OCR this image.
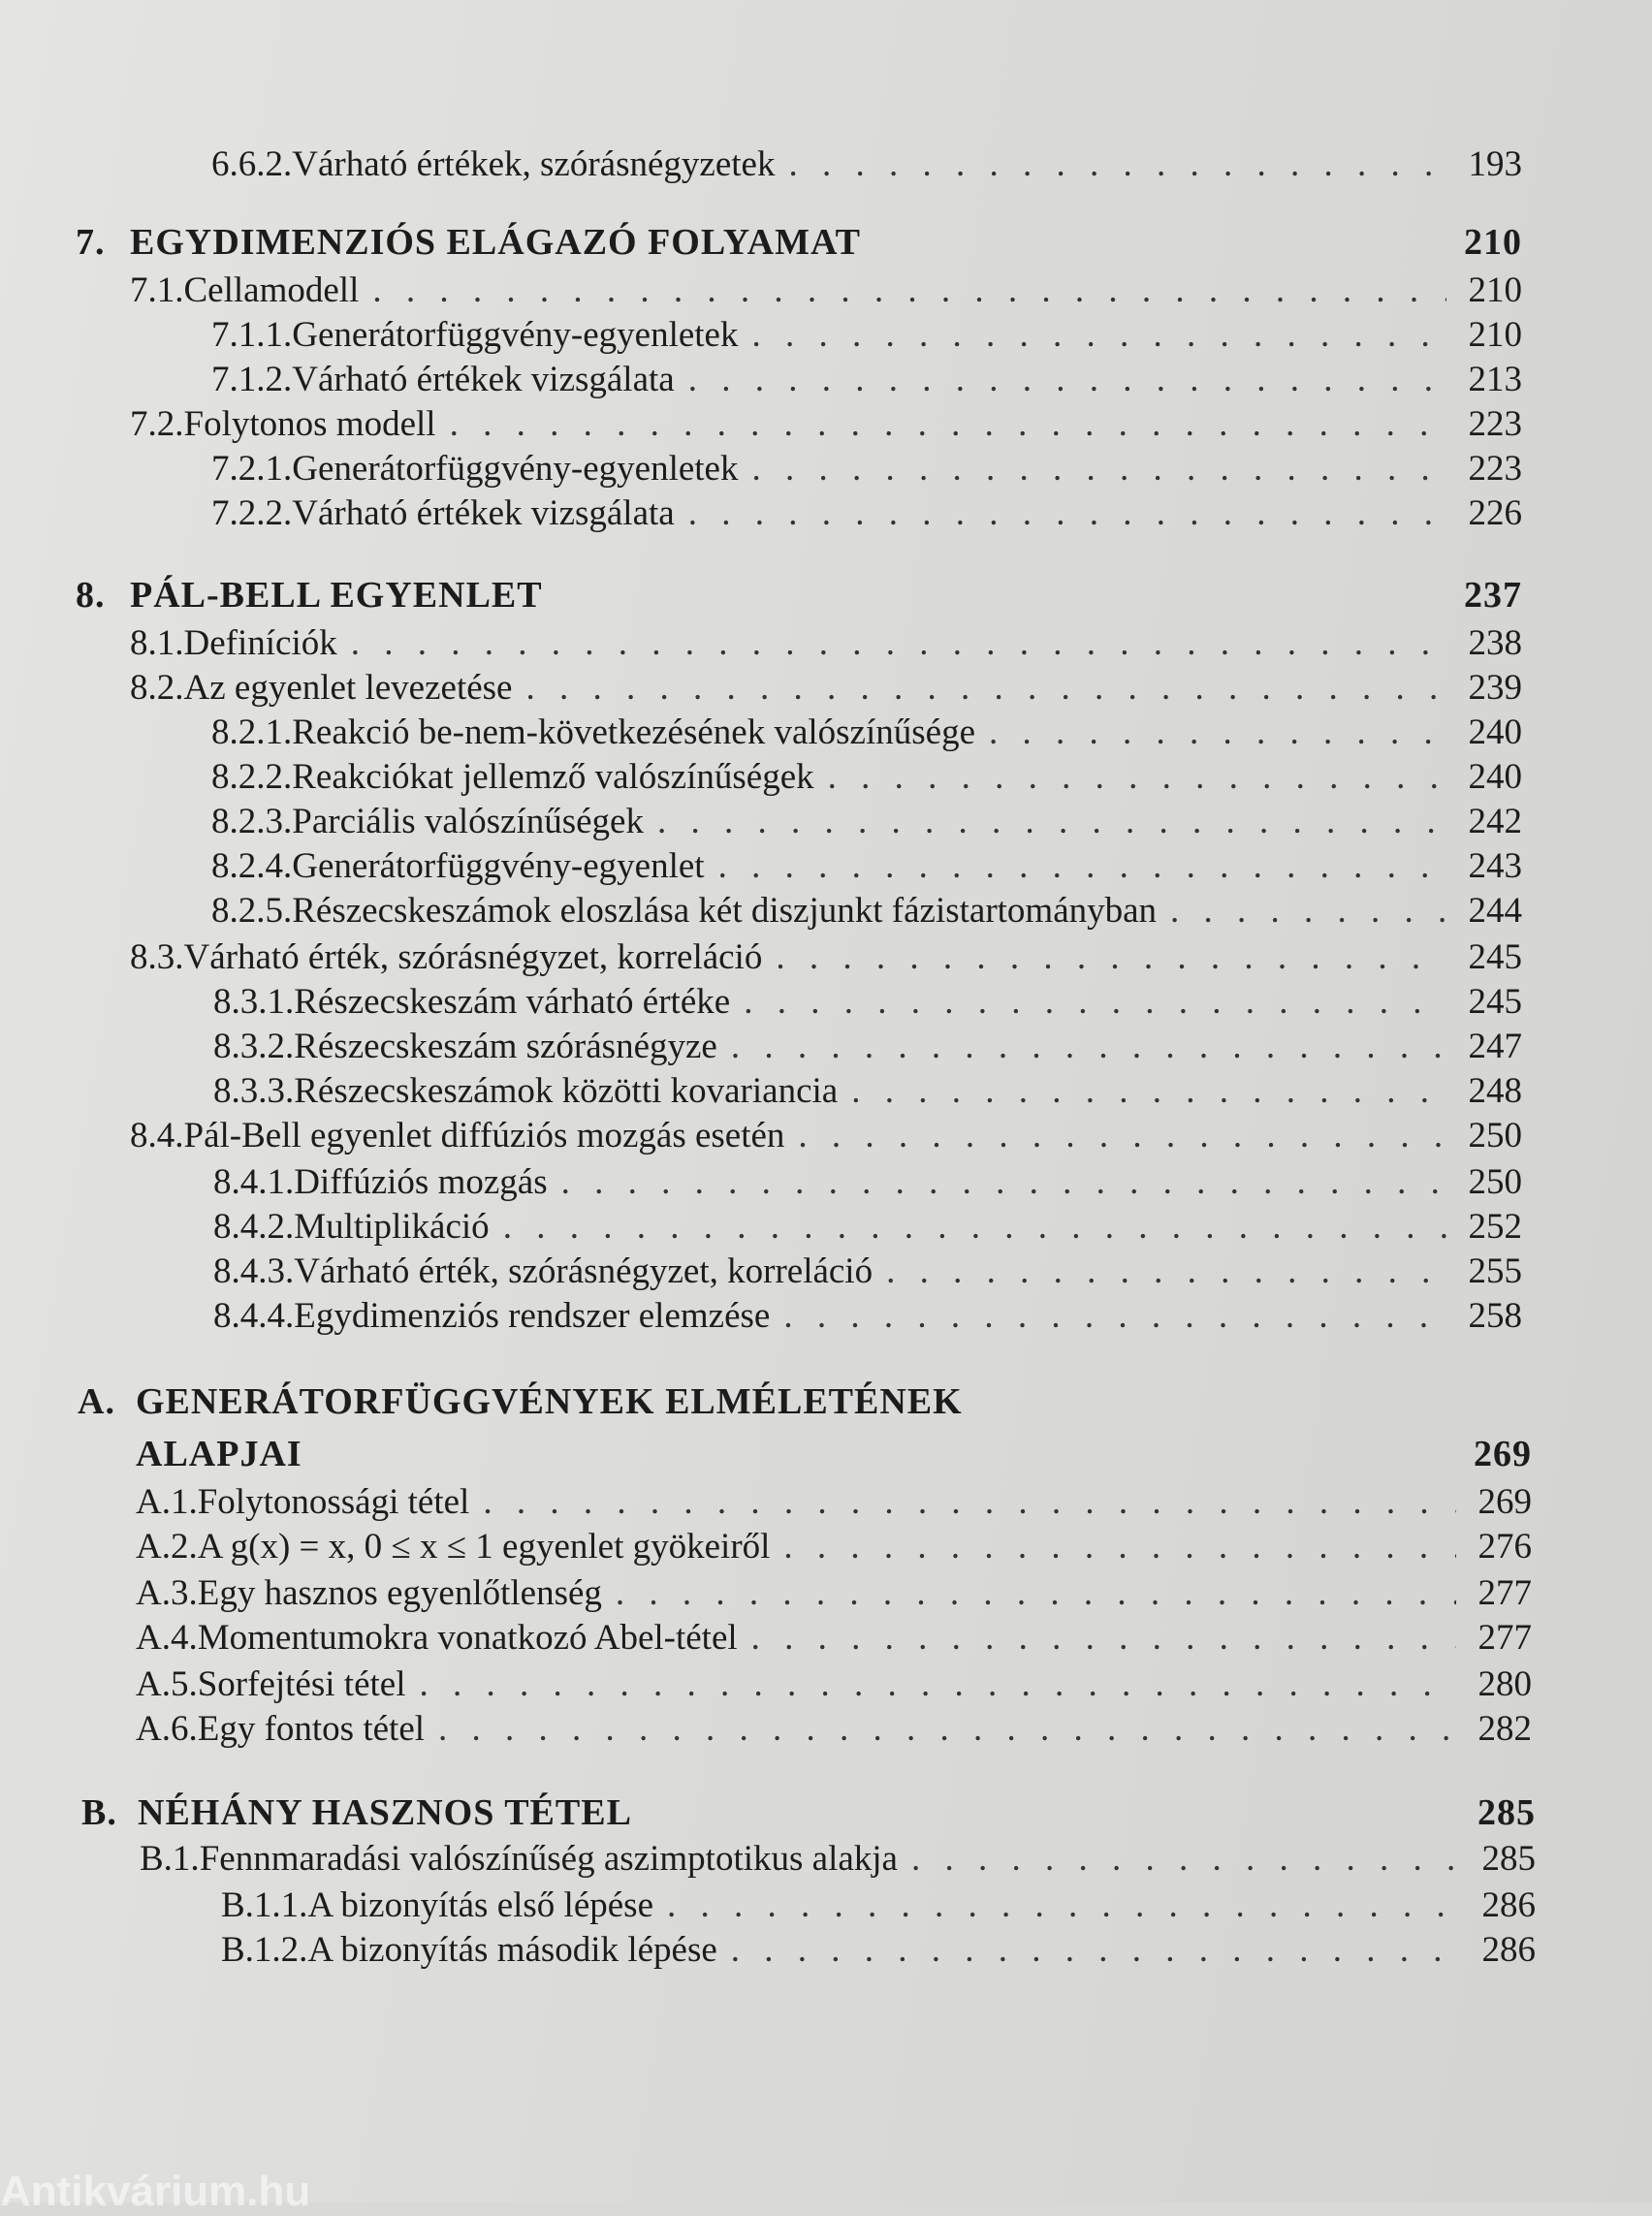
6.6.2. Várható értékek, szórásnégyzetek . . .	193
7. EGYDIMENZIÓS ELÁGAZÓ FOLYAMAT	210
7.1. Cellamodell . . .	210
7.1.1. Generátorfüggvény-egyenletek . . .	210
7.1.2. Várható értékek vizsgálata . . .	213
7.2. Folytonos modell . . .	223
7.2.1. Generátorfüggvény-egyenletek . . .	223
7.2.2. Várható értékek vizsgálata . . .	226
8. PÁL-BELL EGYENLET	237
8.1. Definíciók . . .	238
8.2. Az egyenlet levezetése . . .	239
8.2.1. Reakció be-nem-következésének valószínűsége . . .	240
8.2.2. Reakciókat jellemző valószínűségek . . .	240
8.2.3. Parciális valószínűségek . . .	242
8.2.4. Generátorfüggvény-egyenlet . . .	243
8.2.5. Részecskeszámok eloszlása két diszjunkt fázistartományban . . .	244
8.3. Várható érték, szórásnégyzet, korreláció . . .	245
8.3.1. Részecskeszám várható értéke . . .	245
8.3.2. Részecskeszám szórásnégyze . . .	247
8.3.3. Részecskeszámok közötti kovariancia . . .	248
8.4. Pál-Bell egyenlet diffúziós mozgás esetén . . .	250
8.4.1. Diffúziós mozgás . . .	250
8.4.2. Multiplikáció . . .	252
8.4.3. Várható érték, szórásnégyzet, korreláció . . .	255
8.4.4. Egydimenziós rendszer elemzése . . .	258
A. GENERÁTORFÜGGVÉNYEK ELMÉLETÉNEK
ALAPJAI	269
A.1. Folytonossági tétel . . .	269
A.2. A g(x) = x, 0 ≤ x ≤ 1 egyenlet gyökeiről . . .	276
A.3. Egy hasznos egyenlőtlenség . . .	277
A.4. Momentumokra vonatkozó Abel-tétel . . .	277
A.5. Sorfejtési tétel . . .	280
A.6. Egy fontos tétel . . .	282
B. NÉHÁNY HASZNOS TÉTEL	285
B.1. Fennmaradási valószínűség aszimptotikus alakja . . .	285
B.1.1. A bizonyítás első lépése . . .	286
B.1.2. A bizonyítás második lépése . . .	286
Antikvárium.hu
